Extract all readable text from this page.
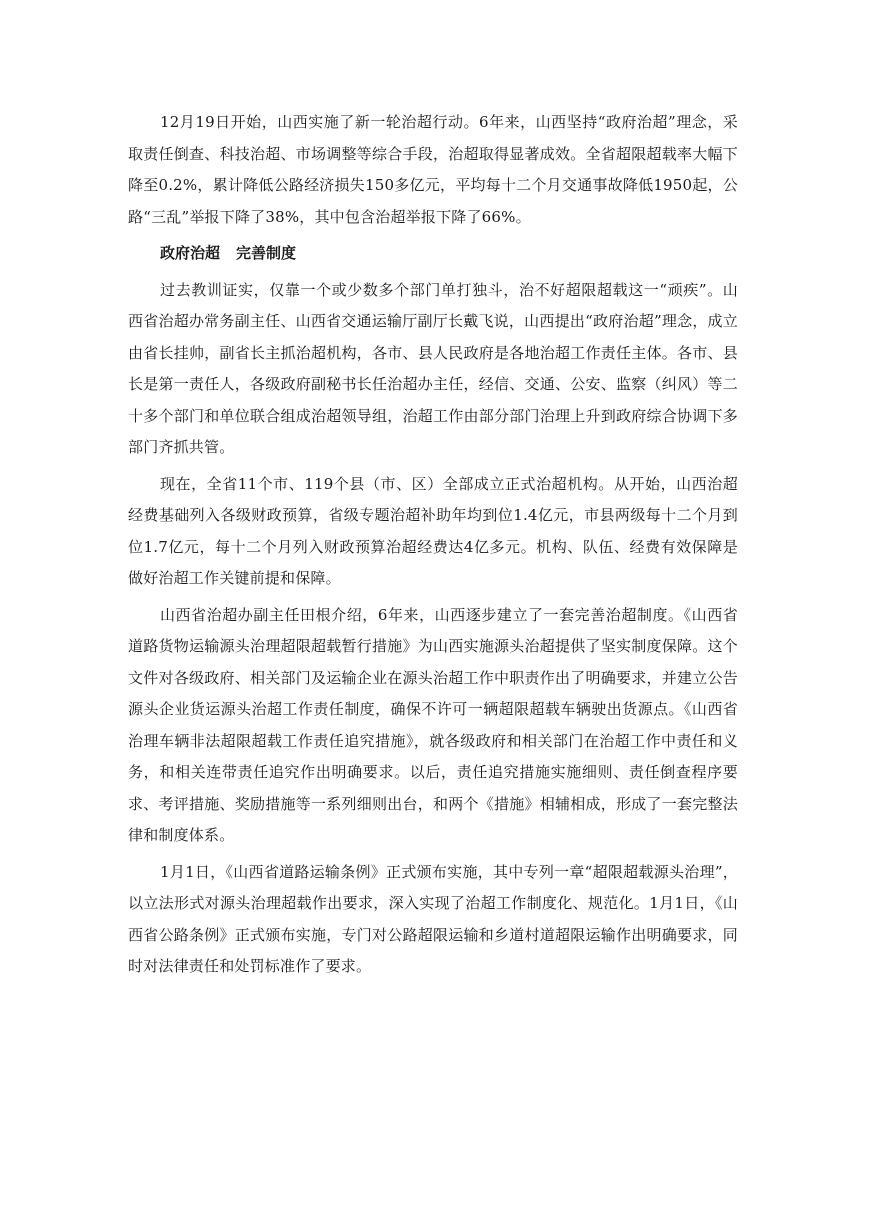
12月19日开始，山西实施了新一轮治超行动。6年来，山西坚持“政府治超”理念，采取责任倒查、科技治超、市场调整等综合手段，治超取得显著成效。全省超限超载率大幅下降至0.2%，累计降低公路经济损失150多亿元，平均每十二个月交通事故降低1950起，公路“三乱”举报下降了38%，其中包含治超举报下降了66%。

政府治超 完善制度

过去教训证实，仅靠一个或少数多个部门单打独斗，治不好超限超载这一“顽疾”。山西省治超办常务副主任、山西省交通运输厅副厅长戴飞说，山西提出“政府治超”理念，成立由省长挂帅，副省长主抓治超机构，各市、县人民政府是各地治超工作责任主体。各市、县长是第一责任人，各级政府副秘书长任治超办主任，经信、交通、公安、监察（纠风）等二十多个部门和单位联合组成治超领导组，治超工作由部分部门治理上升到政府综合协调下多部门齐抓共管。

现在，全省11个市、119个县（市、区）全部成立正式治超机构。从开始，山西治超经费基础列入各级财政预算，省级专题治超补助年均到位1.4亿元，市县两级每十二个月到位1.7亿元，每十二个月列入财政预算治超经费达4亿多元。机构、队伍、经费有效保障是做好治超工作关键前提和保障。

山西省治超办副主任田根介绍，6年来，山西逐步建立了一套完善治超制度。《山西省道路货物运输源头治理超限超载暂行措施》为山西实施源头治超提供了坚实制度保障。这个文件对各级政府、相关部门及运输企业在源头治超工作中职责作出了明确要求，并建立公告源头企业货运源头治超工作责任制度，确保不许可一辆超限超载车辆驶出货源点。《山西省治理车辆非法超限超载工作责任追究措施》，就各级政府和相关部门在治超工作中责任和义务，和相关连带责任追究作出明确要求。以后，责任追究措施实施细则、责任倒查程序要求、考评措施、奖励措施等一系列细则出台，和两个《措施》相辅相成，形成了一套完整法律和制度体系。

1月1日，《山西省道路运输条例》正式颁布实施，其中专列一章“超限超载源头治理”，以立法形式对源头治理超载作出要求，深入实现了治超工作制度化、规范化。1月1日，《山西省公路条例》正式颁布实施，专门对公路超限运输和乡道村道超限运输作出明确要求，同时对法律责任和处罚标准作了要求。
